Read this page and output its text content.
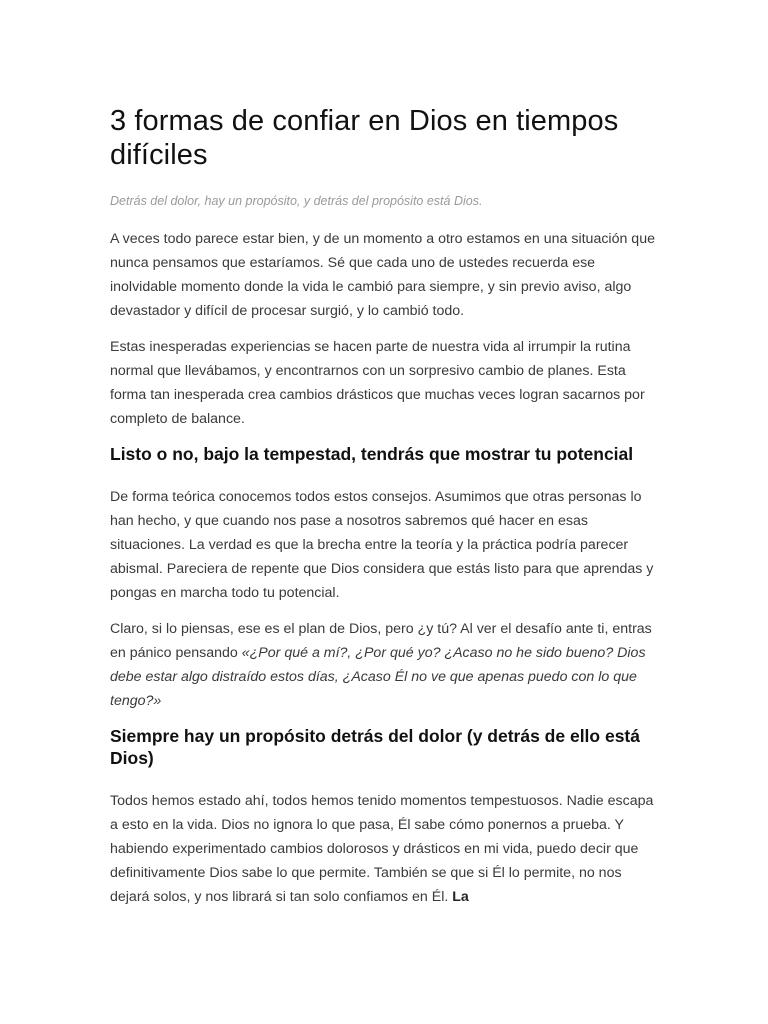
3 formas de confiar en Dios en tiempos difíciles

Detrás del dolor, hay un propósito, y detrás del propósito está Dios.

A veces todo parece estar bien, y de un momento a otro estamos en una situación que nunca pensamos que estaríamos. Sé que cada uno de ustedes recuerda ese inolvidable momento donde la vida le cambió para siempre, y sin previo aviso, algo devastador y difícil de procesar surgió, y lo cambió todo.

Estas inesperadas experiencias se hacen parte de nuestra vida al irrumpir la rutina normal que llevábamos, y encontrarnos con un sorpresivo cambio de planes. Esta forma tan inesperada crea cambios drásticos que muchas veces logran sacarnos por completo de balance.

Listo o no, bajo la tempestad, tendrás que mostrar tu potencial

De forma teórica conocemos todos estos consejos. Asumimos que otras personas lo han hecho, y que cuando nos pase a nosotros sabremos qué hacer en esas situaciones. La verdad es que la brecha entre la teoría y la práctica podría parecer abismal. Pareciera de repente que Dios considera que estás listo para que aprendas y pongas en marcha todo tu potencial.

Claro, si lo piensas, ese es el plan de Dios, pero ¿y tú? Al ver el desafío ante ti, entras en pánico pensando «¿Por qué a mí?, ¿Por qué yo? ¿Acaso no he sido bueno? Dios debe estar algo distraído estos días, ¿Acaso Él no ve que apenas puedo con lo que tengo?»

Siempre hay un propósito detrás del dolor (y detrás de ello está Dios)

Todos hemos estado ahí, todos hemos tenido momentos tempestuosos. Nadie escapa a esto en la vida. Dios no ignora lo que pasa, Él sabe cómo ponernos a prueba. Y habiendo experimentado cambios dolorosos y drásticos en mi vida, puedo decir que definitivamente Dios sabe lo que permite. También se que si Él lo permite, no nos dejará solos, y nos librará si tan solo confiamos en Él. La
